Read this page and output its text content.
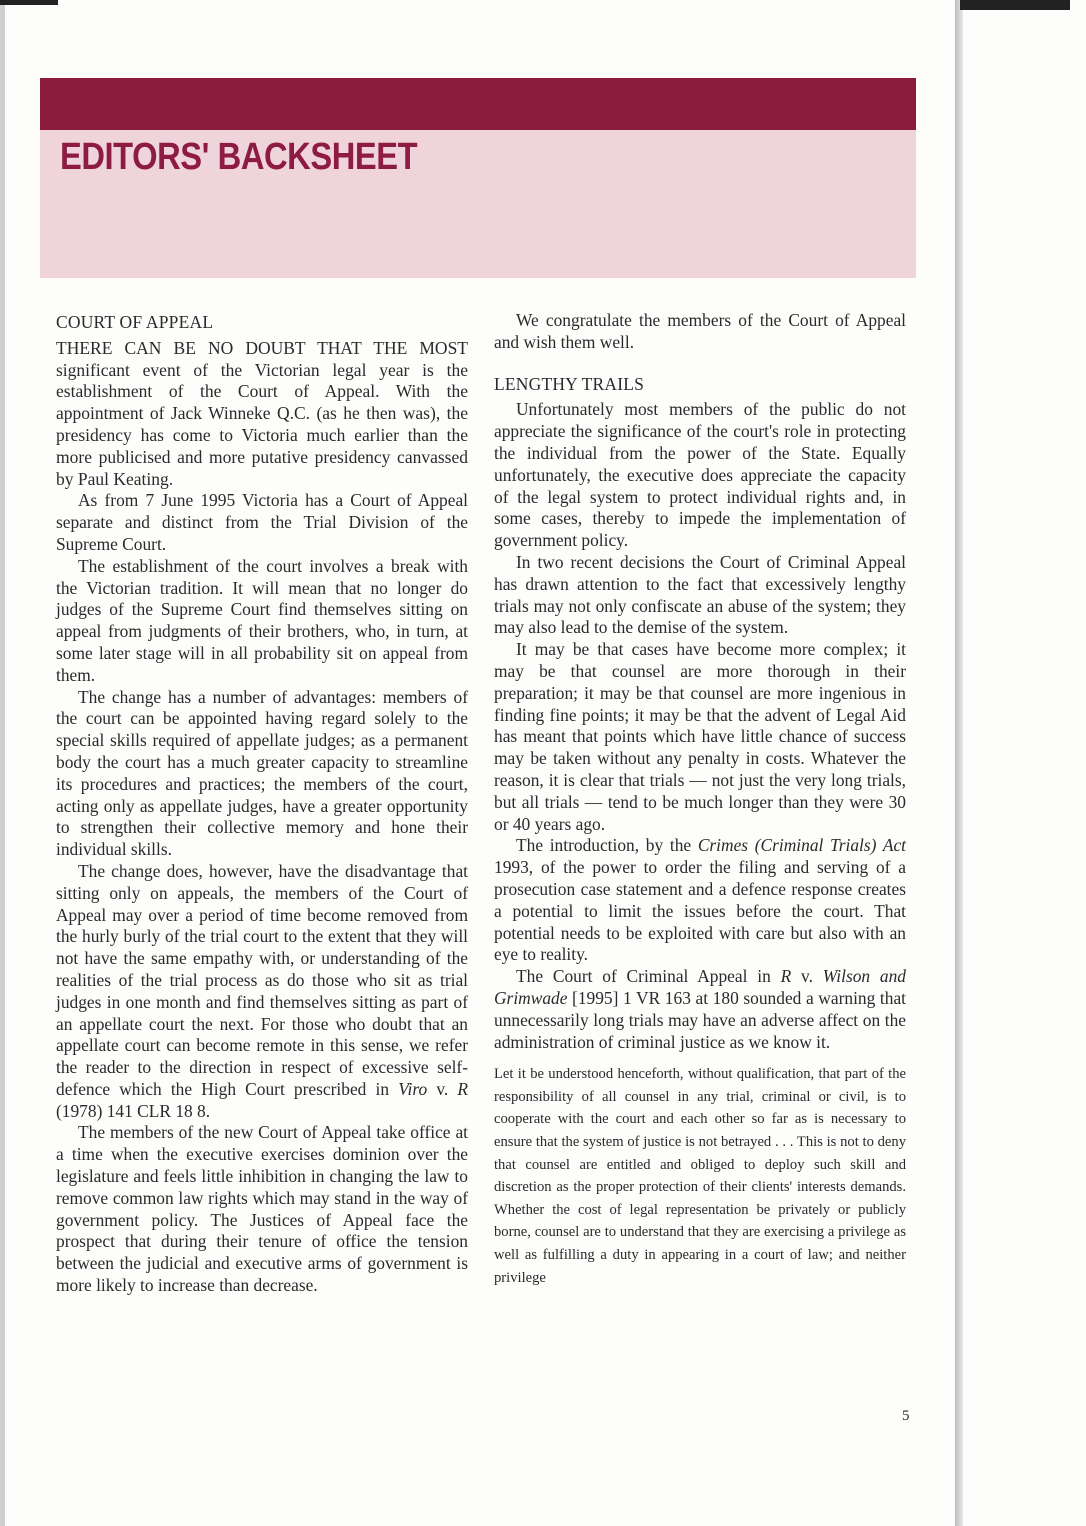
EDITORS' BACKSHEET
COURT OF APPEAL

THERE CAN BE NO DOUBT THAT THE MOST significant event of the Victorian legal year is the establishment of the Court of Appeal. With the appointment of Jack Winneke Q.C. (as he then was), the presidency has come to Victoria much earlier than the more publicised and more putative presidency canvassed by Paul Keating.

As from 7 June 1995 Victoria has a Court of Appeal separate and distinct from the Trial Division of the Supreme Court.

The establishment of the court involves a break with the Victorian tradition. It will mean that no longer do judges of the Supreme Court find themselves sitting on appeal from judgments of their brothers, who, in turn, at some later stage will in all probability sit on appeal from them.

The change has a number of advantages: members of the court can be appointed having regard solely to the special skills required of appellate judges; as a permanent body the court has a much greater capacity to streamline its procedures and practices; the members of the court, acting only as appellate judges, have a greater opportunity to strengthen their collective memory and hone their individual skills.

The change does, however, have the disadvantage that sitting only on appeals, the members of the Court of Appeal may over a period of time become removed from the hurly burly of the trial court to the extent that they will not have the same empathy with, or understanding of the realities of the trial process as do those who sit as trial judges in one month and find themselves sitting as part of an appellate court the next. For those who doubt that an appellate court can become remote in this sense, we refer the reader to the direction in respect of excessive self-defence which the High Court prescribed in Viro v. R (1978) 141 CLR 18 8.

The members of the new Court of Appeal take office at a time when the executive exercises dominion over the legislature and feels little inhibition in changing the law to remove common law rights which may stand in the way of government policy. The Justices of Appeal face the prospect that during their tenure of office the tension between the judicial and executive arms of government is more likely to increase than decrease.

We congratulate the members of the Court of Appeal and wish them well.

LENGTHY TRAILS

Unfortunately most members of the public do not appreciate the significance of the court's role in protecting the individual from the power of the State. Equally unfortunately, the executive does appreciate the capacity of the legal system to protect individual rights and, in some cases, thereby to impede the implementation of government policy.

In two recent decisions the Court of Criminal Appeal has drawn attention to the fact that excessively lengthy trials may not only confiscate an abuse of the system; they may also lead to the demise of the system.

It may be that cases have become more complex; it may be that counsel are more thorough in their preparation; it may be that counsel are more ingenious in finding fine points; it may be that the advent of Legal Aid has meant that points which have little chance of success may be taken without any penalty in costs. Whatever the reason, it is clear that trials — not just the very long trials, but all trials — tend to be much longer than they were 30 or 40 years ago.

The introduction, by the Crimes (Criminal Trials) Act 1993, of the power to order the filing and serving of a prosecution case statement and a defence response creates a potential to limit the issues before the court. That potential needs to be exploited with care but also with an eye to reality.

The Court of Criminal Appeal in R v. Wilson and Grimwade [1995] 1 VR 163 at 180 sounded a warning that unnecessarily long trials may have an adverse affect on the administration of criminal justice as we know it.

Let it be understood henceforth, without qualification, that part of the responsibility of all counsel in any trial, criminal or civil, is to cooperate with the court and each other so far as is necessary to ensure that the system of justice is not betrayed . . . This is not to deny that counsel are entitled and obliged to deploy such skill and discretion as the proper protection of their clients' interests demands. Whether the cost of legal representation be privately or publicly borne, counsel are to understand that they are exercising a privilege as well as fulfilling a duty in appearing in a court of law; and neither privilege

5
